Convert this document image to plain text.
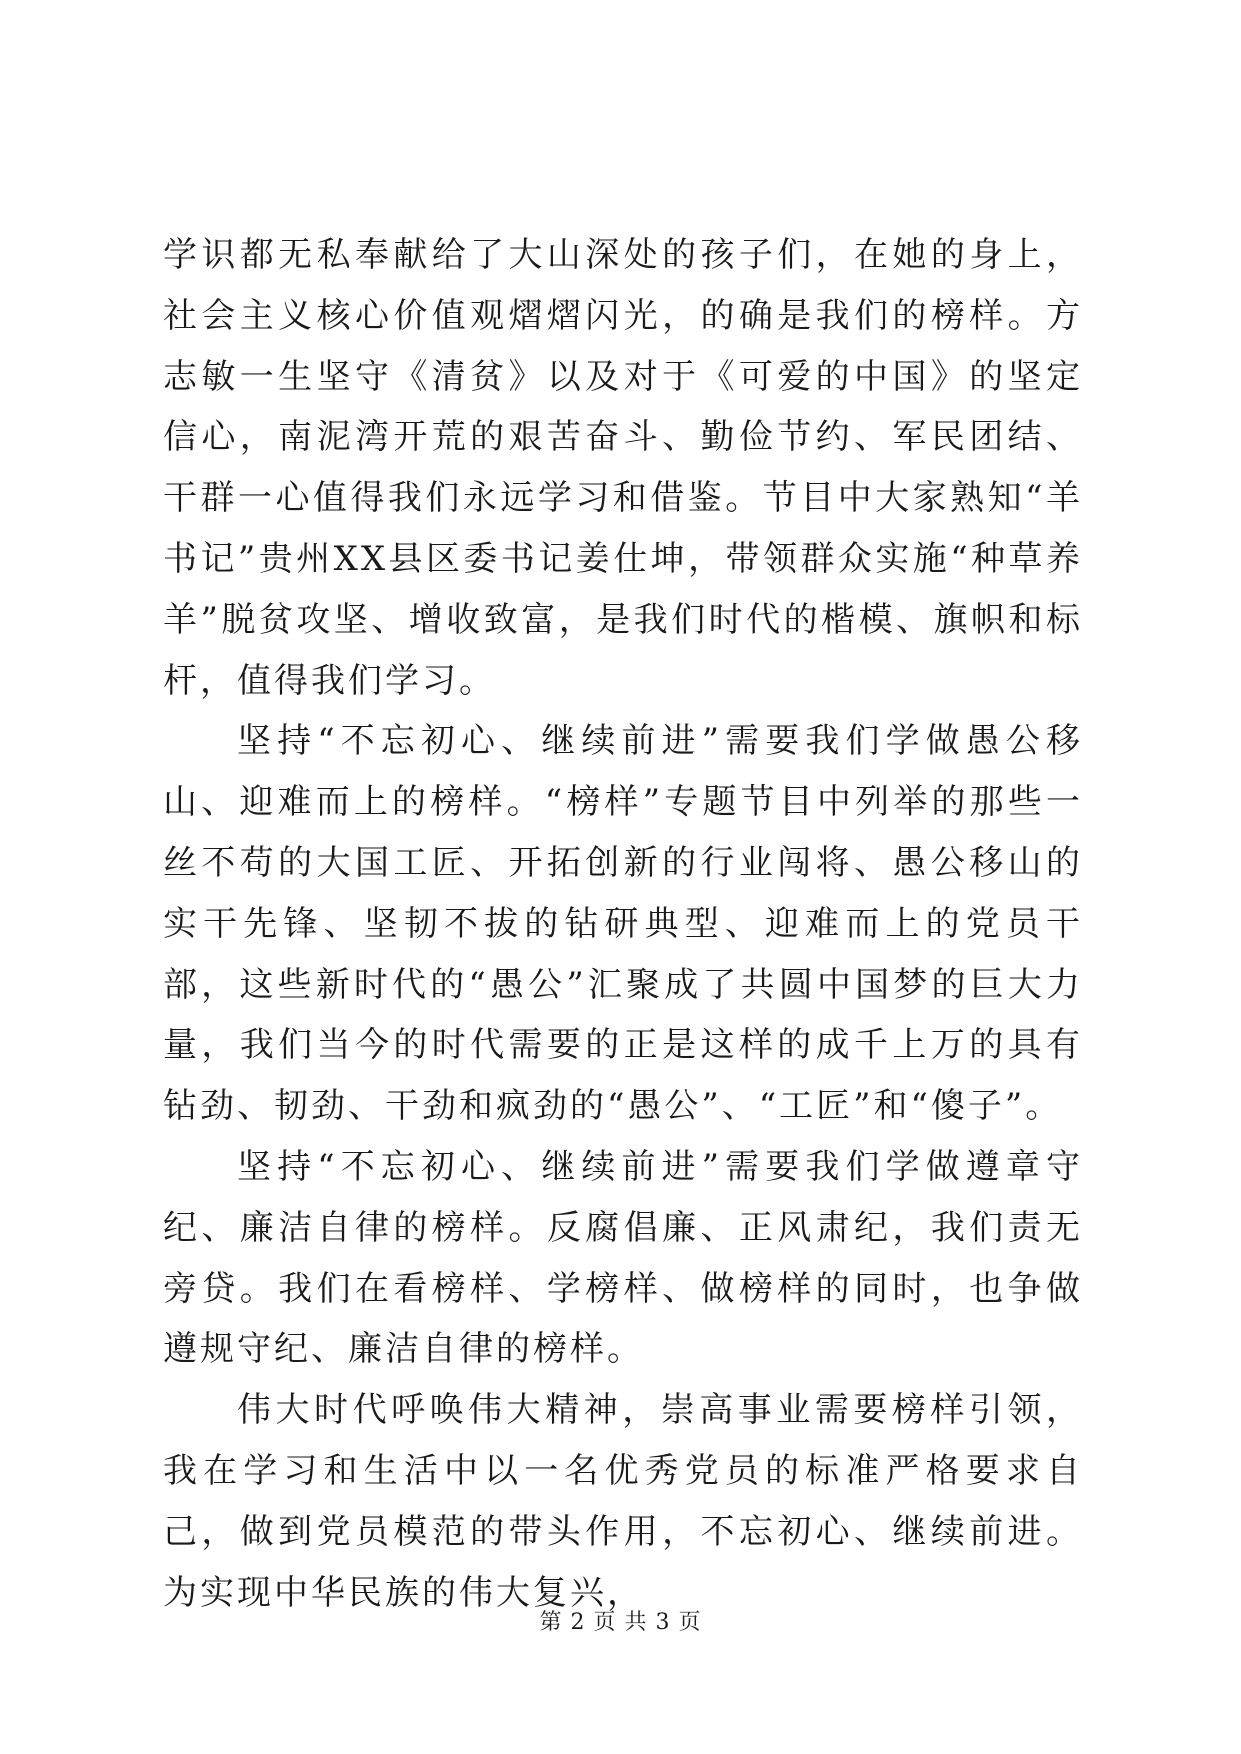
学识都无私奉献给了大山深处的孩子们，在她的身上，社会主义核心价值观熠熠闪光，的确是我们的榜样。方志敏一生坚守《清贫》以及对于《可爱的中国》的坚定信心，南泥湾开荒的艰苦奋斗、勤俭节约、军民团结、干群一心值得我们永远学习和借鉴。节目中大家熟知“羊书记”贵州XX县区委书记姜仕坤，带领群众实施“种草养羊”脱贫攻坚、增收致富，是我们时代的楷模、旗帜和标杆，值得我们学习。

坚持“不忘初心、继续前进”需要我们学做愚公移山、迎难而上的榜样。“榜样”专题节目中列举的那些一丝不苟的大国工匠、开拓创新的行业闯将、愚公移山的实干先锋、坚韧不拔的钻研典型、迎难而上的党员干部，这些新时代的“愚公”汇聚成了共圆中国梦的巨大力量，我们当今的时代需要的正是这样的成千上万的具有钻劲、韧劲、干劲和疯劲的“愚公”、“工匠”和“傻子”。

坚持“不忘初心、继续前进”需要我们学做遵章守纪、廉洁自律的榜样。反腐倡廉、正风肃纪，我们责无旁贷。我们在看榜样、学榜样、做榜样的同时，也争做遵规守纪、廉洁自律的榜样。

伟大时代呼唤伟大精神，崇高事业需要榜样引领，我在学习和生活中以一名优秀党员的标准严格要求自己，做到党员模范的带头作用，不忘初心、继续前进。为实现中华民族的伟大复兴，

第 2 页 共 3 页
